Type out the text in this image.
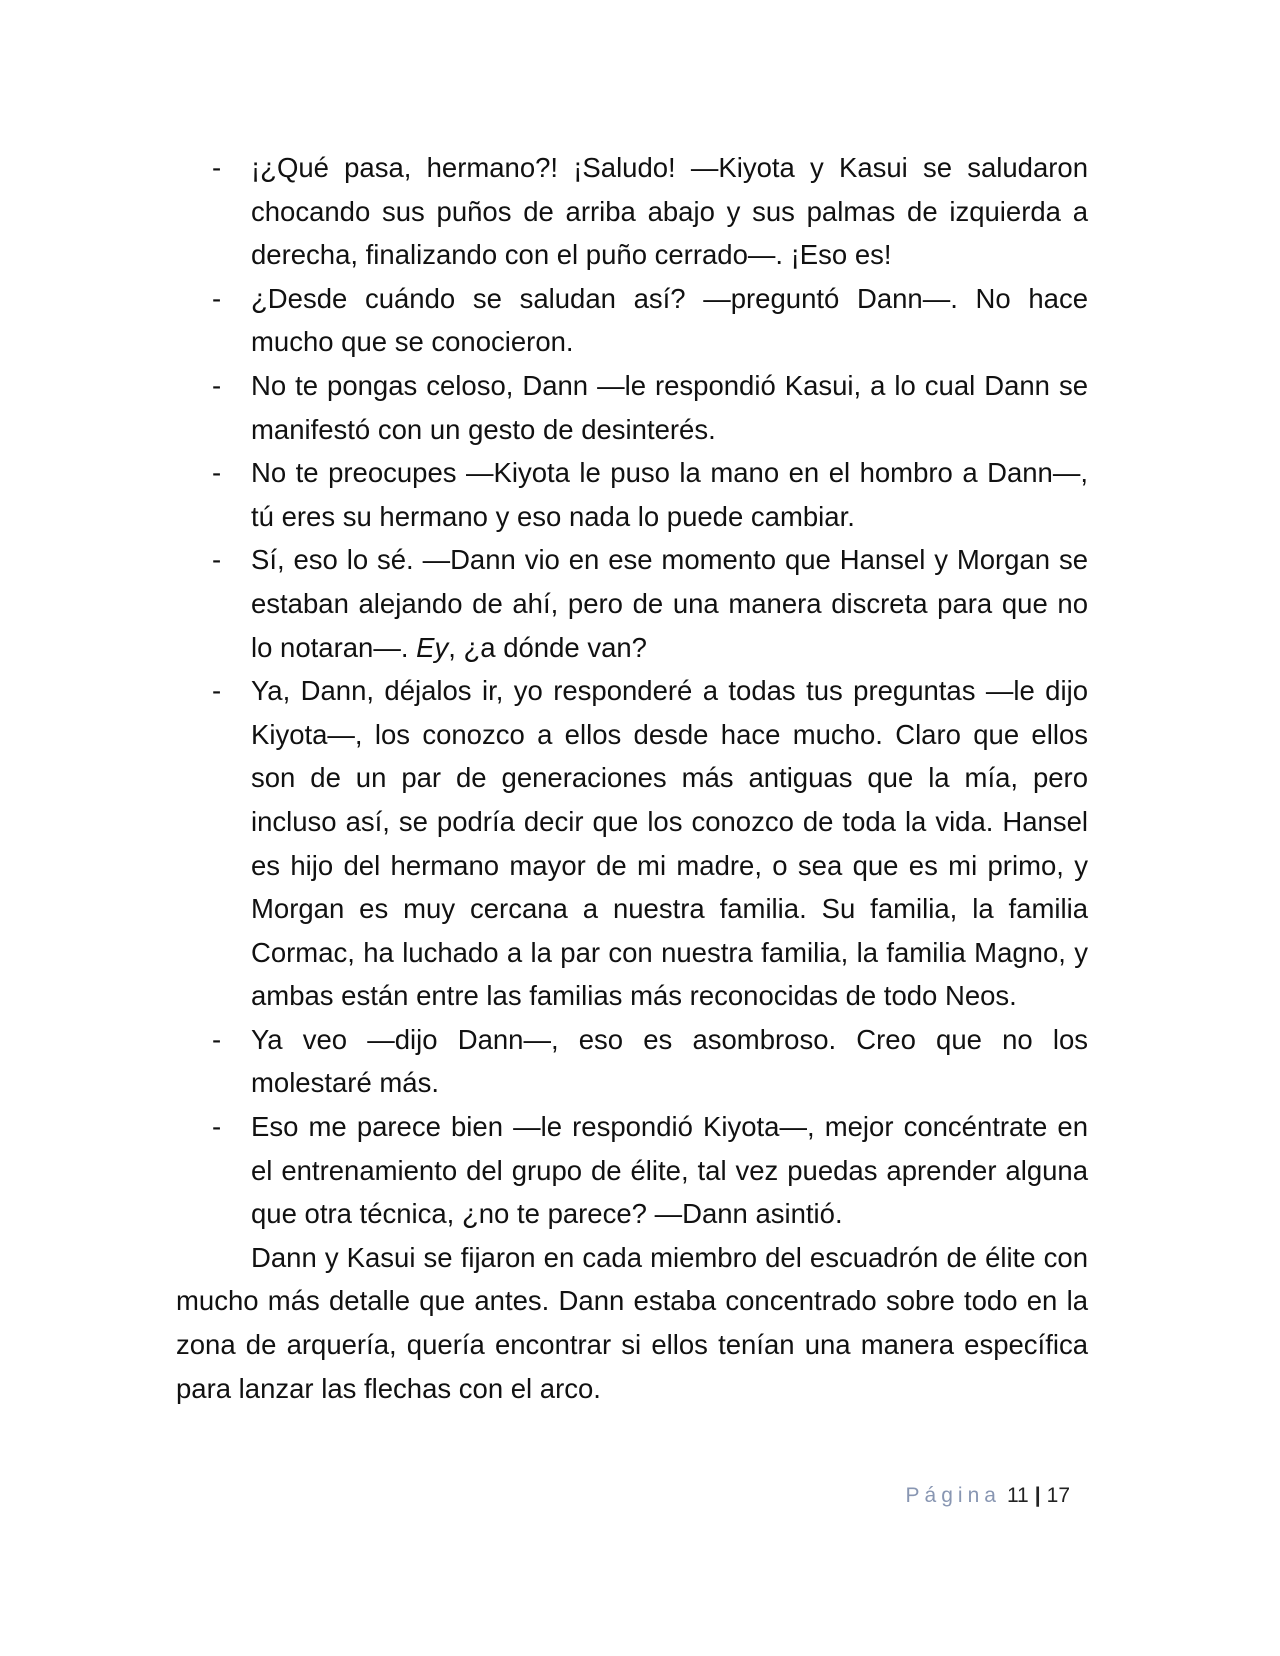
- ¡¿Qué pasa, hermano?! ¡Saludo! —Kiyota y Kasui se saludaron chocando sus puños de arriba abajo y sus palmas de izquierda a derecha, finalizando con el puño cerrado—. ¡Eso es!
- ¿Desde cuándo se saludan así? —preguntó Dann—. No hace mucho que se conocieron.
- No te pongas celoso, Dann —le respondió Kasui, a lo cual Dann se manifestó con un gesto de desinterés.
- No te preocupes —Kiyota le puso la mano en el hombro a Dann—, tú eres su hermano y eso nada lo puede cambiar.
- Sí, eso lo sé. —Dann vio en ese momento que Hansel y Morgan se estaban alejando de ahí, pero de una manera discreta para que no lo notaran—. Ey, ¿a dónde van?
- Ya, Dann, déjalos ir, yo responderé a todas tus preguntas —le dijo Kiyota—, los conozco a ellos desde hace mucho. Claro que ellos son de un par de generaciones más antiguas que la mía, pero incluso así, se podría decir que los conozco de toda la vida. Hansel es hijo del hermano mayor de mi madre, o sea que es mi primo, y Morgan es muy cercana a nuestra familia. Su familia, la familia Cormac, ha luchado a la par con nuestra familia, la familia Magno, y ambas están entre las familias más reconocidas de todo Neos.
- Ya veo —dijo Dann—, eso es asombroso. Creo que no los molestaré más.
- Eso me parece bien —le respondió Kiyota—, mejor concéntrate en el entrenamiento del grupo de élite, tal vez puedas aprender alguna que otra técnica, ¿no te parece? —Dann asintió.

Dann y Kasui se fijaron en cada miembro del escuadrón de élite con mucho más detalle que antes. Dann estaba concentrado sobre todo en la zona de arquería, quería encontrar si ellos tenían una manera específica para lanzar las flechas con el arco.

Página 11 | 17
